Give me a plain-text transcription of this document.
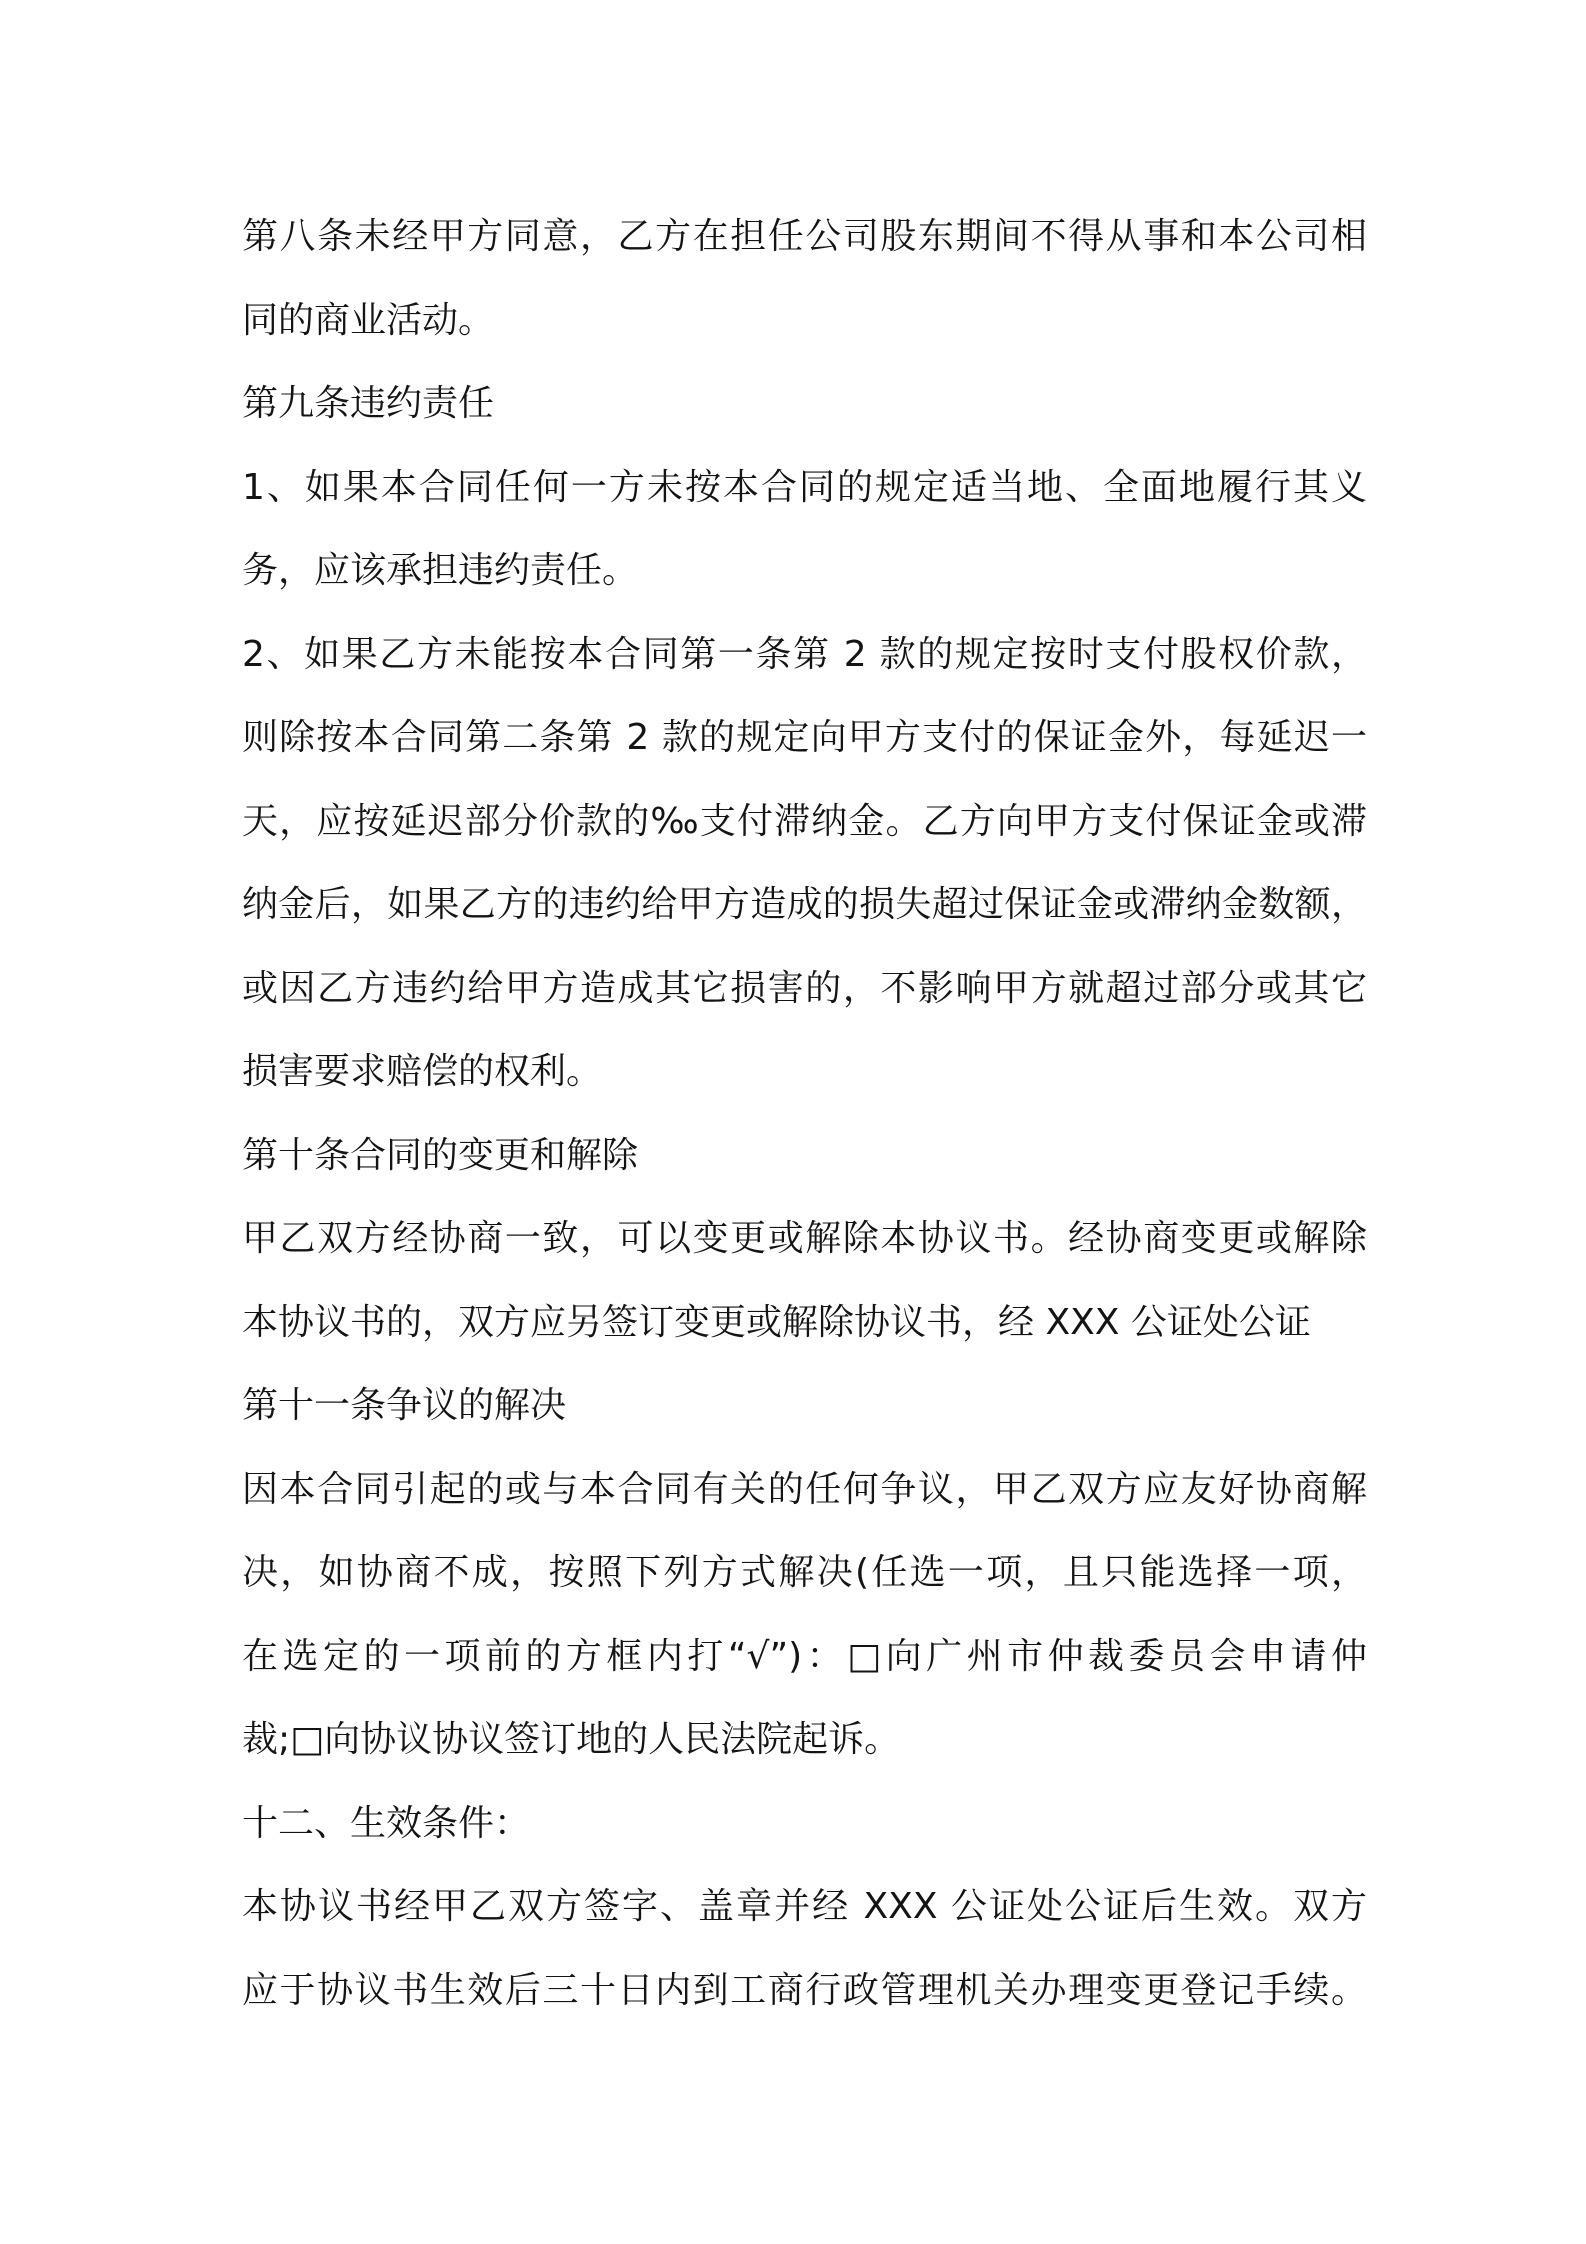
第八条未经甲方同意，乙方在担任公司股东期间不得从事和本公司相
同的商业活动。
第九条违约责任
1、如果本合同任何一方未按本合同的规定适当地、全面地履行其义
务，应该承担违约责任。
2、如果乙方未能按本合同第一条第 2 款的规定按时支付股权价款，
则除按本合同第二条第 2 款的规定向甲方支付的保证金外，每延迟一
天，应按延迟部分价款的‰支付滞纳金。乙方向甲方支付保证金或滞
纳金后，如果乙方的违约给甲方造成的损失超过保证金或滞纳金数额，
或因乙方违约给甲方造成其它损害的，不影响甲方就超过部分或其它
损害要求赔偿的权利。
第十条合同的变更和解除
甲乙双方经协商一致，可以变更或解除本协议书。经协商变更或解除
本协议书的，双方应另签订变更或解除协议书，经 XXX 公证处公证
第十一条争议的解决
因本合同引起的或与本合同有关的任何争议，甲乙双方应友好协商解
决，如协商不成，按照下列方式解决(任选一项，且只能选择一项，
在选定的一项前的方框内打“√”)：□向广州市仲裁委员会申请仲
裁;□向协议协议签订地的人民法院起诉。
十二、生效条件：
本协议书经甲乙双方签字、盖章并经 XXX 公证处公证后生效。双方
应于协议书生效后三十日内到工商行政管理机关办理变更登记手续。
